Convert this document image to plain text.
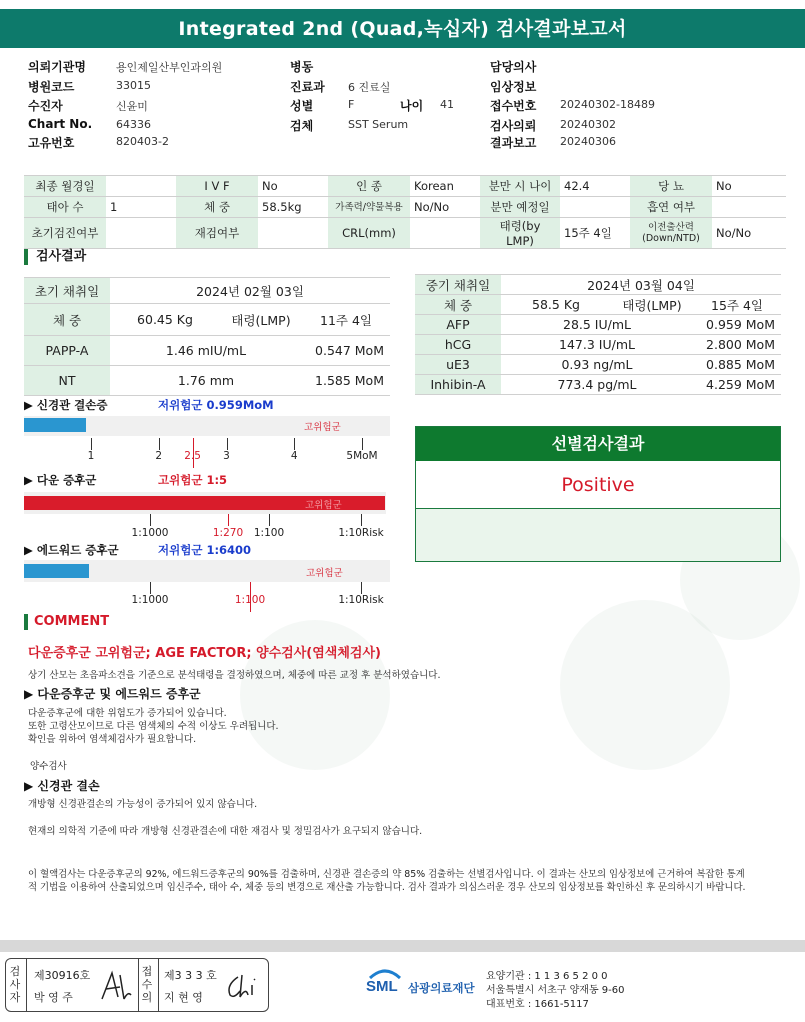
Integrated 2nd (Quad,녹십자) 검사결과보고서
의뢰기관명	용인제일산부인과의원
병원코드	33015
수진자	신윤미
Chart No. 64336
고유번호	820403-2
병동
진료과 6 진료실
성별	F
검체	SST Serum
나이 41
담당의사
임상정보
접수번호 20240302-18489
검사의뢰 20240302
결과보고 20240306
최종 월경일		I V F	No	인 종	Korean	분만 시 나이	42.4	당 뇨	No
태아 수	1	체 중	58.5kg	가족력/약물복용	No/No	분만 예정일		흡연 여부	
초기검진여부		재검여부		CRL(mm)		태령(by LMP)	15주 4일	이전출산력 (Down/NTD)	No/No
검사결과
초기 채취일	2024년 02월 03일		
체 중	60.45 Kg	태령(LMP)	11주 4일
PAPP-A	1.46 mIU/mL		0.547 MoM
NT	1.76 mm		1.585 MoM
중기 채취일	2024년 03월 04일		
체 중	58.5 Kg	태령(LMP)	15주 4일
AFP	28.5 IU/mL		0.959 MoM
hCG	147.3 IU/mL		2.800 MoM
uE3	0.93 ng/mL		0.885 MoM
Inhibin-A	773.4 pg/mL		4.259 MoM
▶ 신경관 결손증	저위험군 0.959MoM
고위험군
1	2 2.5 3	4	5MoM
▶ 다운 증후군	고위험군 1:5
고위험군
1:1000	1:270 1:100	1:10Risk
▶ 에드워드 증후군	저위험군 1:6400
고위험군
1:1000	1:100	1:10Risk
선별검사결과
Positive
COMMENT
다운증후군 고위험군; AGE FACTOR; 양수검사(염색체검사)
상기 산모는 초음파소견을 기준으로 분석태령을 결정하였으며, 체중에 따른 교정 후 분석하였습니다.
▶ 다운증후군 및 에드워드 증후군
다운증후군에 대한 위험도가 증가되어 있습니다.
또한 고령산모이므로 다른 염색체의 수적 이상도 우려됩니다.
확인을 위하여 염색체검사가 필요합니다.
양수검사
▶ 신경관 결손
개방형 신경관결손의 가능성이 증가되어 있지 않습니다.
현재의 의학적 기준에 따라 개방형 신경관결손에 대한 재검사 및 정밀검사가 요구되지 않습니다.
이 혈액검사는 다운증후군의 92%, 에드워드증후군의 90%를 검출하며, 신경관 결손증의 약 85% 검출하는 선별검사입니다. 이 결과는 산모의 임상정보에 근거하여 복잡한 통계
적 기법을 이용하여 산출되었으며 임신주수, 태아 수, 체중 등의 변경으로 재산출 가능합니다. 검사 결과가 의심스러운 경우 산모의 임상정보를 확인하신 후 문의하시기 바랍니다.
검사자
제30916호
박 영 주
접수의
제3 3 3 호
지 현 영
SML 삼광의료재단
요양기관 : 1 1 3 6 5 2 0 0
서울특별시 서초구 양재동 9-60
대표번호 : 1661-5117
